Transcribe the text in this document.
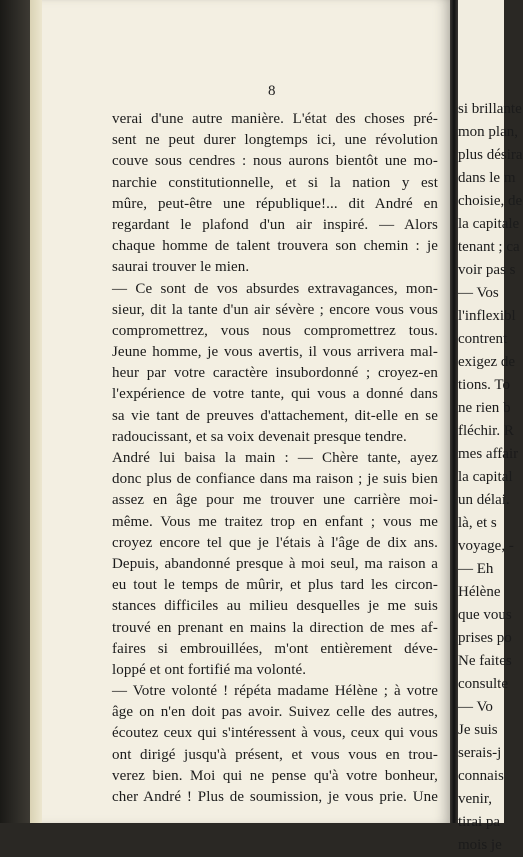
8
verai d'une autre manière. L'état des choses pré-
sent ne peut durer longtemps ici, une révolution
couve sous cendres : nous aurons bientôt une mo-
narchie constitutionnelle, et si la nation y est
mûre, peut-être une république!... dit André en
regardant le plafond d'un air inspiré. — Alors
chaque homme de talent trouvera son chemin : je
saurai trouver le mien.
— Ce sont de vos absurdes extravagances, mon-
sieur, dit la tante d'un air sévère ; encore vous vous
compromettrez, vous nous compromettrez tous.
Jeune homme, je vous avertis, il vous arrivera mal-
heur par votre caractère insubordonné ; croyez-en
l'expérience de votre tante, qui vous a donné dans
sa vie tant de preuves d'attachement, dit-elle en se
radoucissant, et sa voix devenait presque tendre.
André lui baisa la main : — Chère tante, ayez
donc plus de confiance dans ma raison ; je suis bien
assez en âge pour me trouver une carrière moi-
même. Vous me traitez trop en enfant ; vous me
croyez encore tel que je l'étais à l'âge de dix ans.
Depuis, abandonné presque à moi seul, ma raison a
eu tout le temps de mûrir, et plus tard les circon-
stances difficiles au milieu desquelles je me suis
trouvé en prenant en mains la direction de mes af-
faires si embrouillées, m'ont entièrement déve-
loppé et ont fortifié ma volonté.
— Votre volonté ! répéta madame Hélène ; à votre
âge on n'en doit pas avoir. Suivez celle des autres,
écoutez ceux qui s'intéressent à vous, ceux qui vous
ont dirigé jusqu'à présent, et vous vous en trou-
verez bien. Moi qui ne pense qu'à votre bonheur,
cher André ! Plus de soumission, je vous prie. Une
si brillante
mon plan,
plus désira
dans le m
choisie, de
la capitale
tenant ; ca
voir pas s
— Vos
l'inflexibl
contrent
exigez de
tions. To
ne rien b
fléchir. R
mes affair
la capital
un délai.
là, et s
voyage, -
— Eh
Hélène
que vous
prises po
Ne faites
consulte
— Vo
Je suis
serais-j
connais
venir,
tirai pa
mois je
